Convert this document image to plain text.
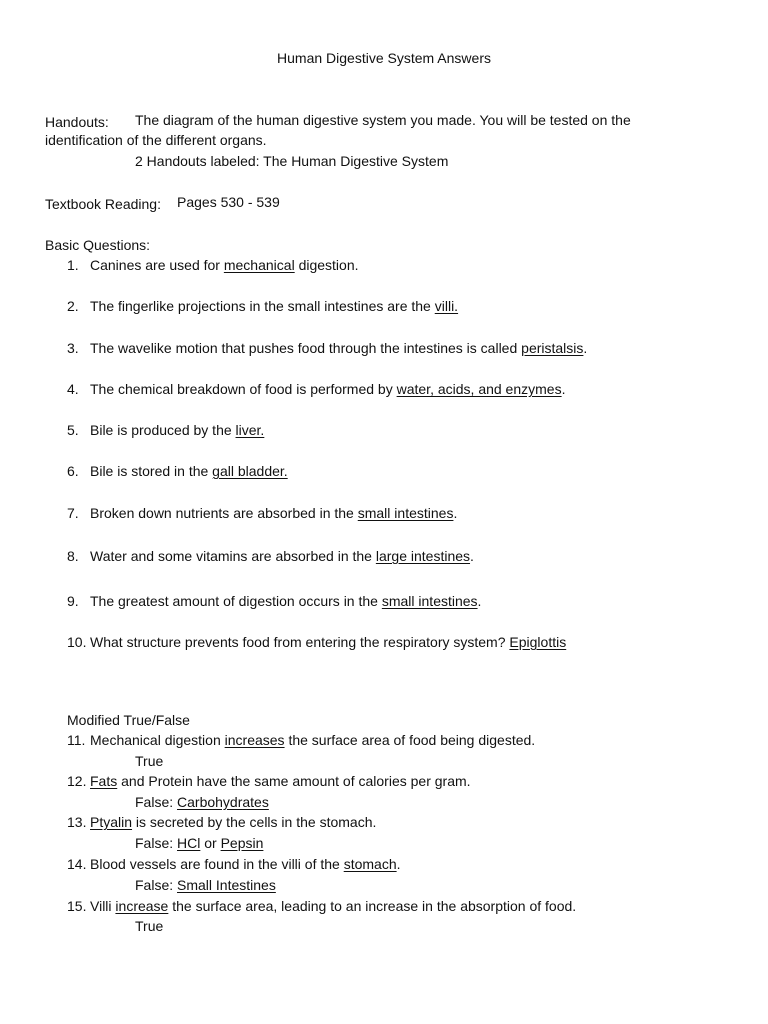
Human Digestive System Answers
Handouts: The diagram of the human digestive system you made. You will be tested on the
identification of the different organs.
2 Handouts labeled: The Human Digestive System
Textbook Reading: Pages 530 - 539
Basic Questions:
1. Canines are used for mechanical digestion.
2. The fingerlike projections in the small intestines are the villi.
3. The wavelike motion that pushes food through the intestines is called peristalsis.
4. The chemical breakdown of food is performed by water, acids, and enzymes.
5. Bile is produced by the liver.
6. Bile is stored in the gall bladder.
7. Broken down nutrients are absorbed in the small intestines.
8. Water and some vitamins are absorbed in the large intestines.
9. The greatest amount of digestion occurs in the small intestines.
10. What structure prevents food from entering the respiratory system? Epiglottis
Modified True/False
11. Mechanical digestion increases the surface area of food being digested.
True
12. Fats and Protein have the same amount of calories per gram.
False: Carbohydrates
13. Ptyalin is secreted by the cells in the stomach.
False: HCl or Pepsin
14. Blood vessels are found in the villi of the stomach.
False: Small Intestines
15. Villi increase the surface area, leading to an increase in the absorption of food.
True
